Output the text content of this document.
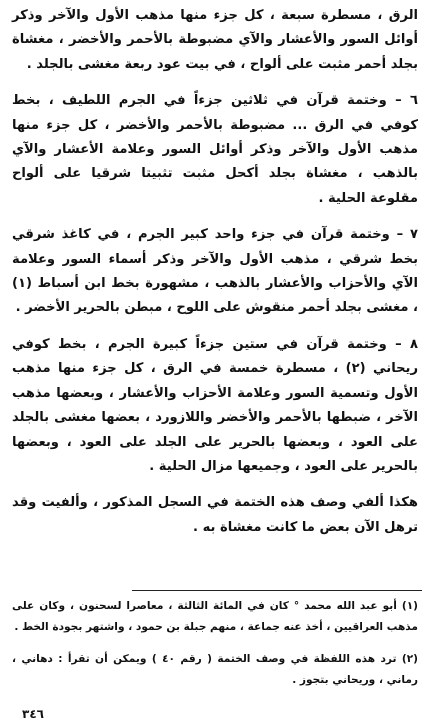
الرق ، مسطرة سبعة ، كل جزء منها مذهب الأول والآخر وذكر أوائل السور والأعشار والآي مضبوطة بالأحمر والأخضر ، مغشاة بجلد أحمر مثبت على ألواح ، في بيت عود ربعة مغشى بالجلد .

٦ – وختمة قرآن في ثلاثين جزءاً في الجرم اللطيف ، بخط كوفي في الرق ... مضبوطة بالأحمر والأخضر ، كل جزء منها مذهب الأول والآخر وذكر أوائل السور وعلامة الأعشار والآي بالذهب ، مغشاة بجلد أكحل مثبت تثبيتا شرقيا على ألواح مقلوعة الحلية .

٧ – وختمة قرآن في جزء واحد كبير الجرم ، في كاغذ شرقي بخط شرقي ، مذهب الأول والآخر وذكر أسماء السور وعلامة الآي والأحزاب والأعشار بالذهب ، مشهورة بخط ابن أسباط (١) ، مغشى بجلد أحمر منقوش على اللوح ، مبطن بالحرير الأخضر .

٨ – وختمة قرآن في ستين جزءاً كبيرة الجرم ، بخط كوفي ريحاني (٢) ، مسطرة خمسة في الرق ، كل جزء منها مذهب الأول وتسمية السور وعلامة الأحزاب والأعشار ، وبعضها مذهب الآخر ، ضبطها بالأحمر والأخضر واللازورد ، بعضها مغشى بالجلد على العود ، وبعضها بالحرير على الجلد على العود ، وبعضها بالحرير على العود ، وجميعها مزال الحلية .

هكذا ألفي وصف هذه الختمة في السجل المذكور ، وألفيت وقد ترهل الآن بعض ما كانت مغشاة به .

(١) أبو عبد الله محمد ° كان في المائة الثالثة ، معاصرا لسحنون ، وكان على مذهب العراقيين ، أخذ عنه جماعة ، منهم جبلة بن حمود ، واشتهر بجودة الخط .

(٢) ترد هذه اللفظة في وصف الختمة ( رقم ٤٠ ) ويمكن أن تقرأ : دهاني ، رماني ، وريحاني بتجوز .

٣٤٦
